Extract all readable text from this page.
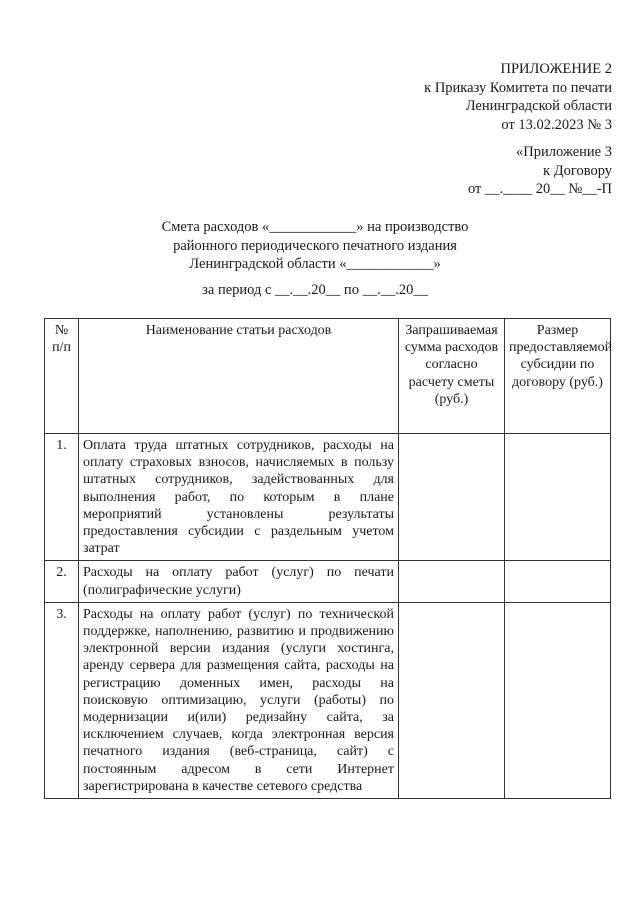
ПРИЛОЖЕНИЕ 2
к Приказу Комитета по печати
Ленинградской области
от 13.02.2023 № 3
«Приложение 3
к Договору
от __.____ 20__ №__-П
Смета расходов «____________» на производство
районного периодического печатного издания
Ленинградской области «____________»
за период с __.__.20__ по __.__.20__
№ п/п	Наименование статьи расходов	Запрашиваемая сумма расходов согласно расчету сметы (руб.)	Размер предоставляемой субсидии по договору (руб.)
1.	Оплата труда штатных сотрудников, расходы на оплату страховых взносов, начисляемых в пользу штатных сотрудников, задействованных для выполнения работ, по которым в плане мероприятий установлены результаты предоставления субсидии с раздельным учетом затрат		
2.	Расходы на оплату работ (услуг) по печати (полиграфические услуги)		
3.	Расходы на оплату работ (услуг) по технической поддержке, наполнению, развитию и продвижению электронной версии издания (услуги хостинга, аренду сервера для размещения сайта, расходы на регистрацию доменных имен, расходы на поисковую оптимизацию, услуги (работы) по модернизации и(или) редизайну сайта, за исключением случаев, когда электронная версия печатного издания (веб-страница, сайт) с постоянным адресом в сети Интернет зарегистрирована в качестве сетевого средства		
